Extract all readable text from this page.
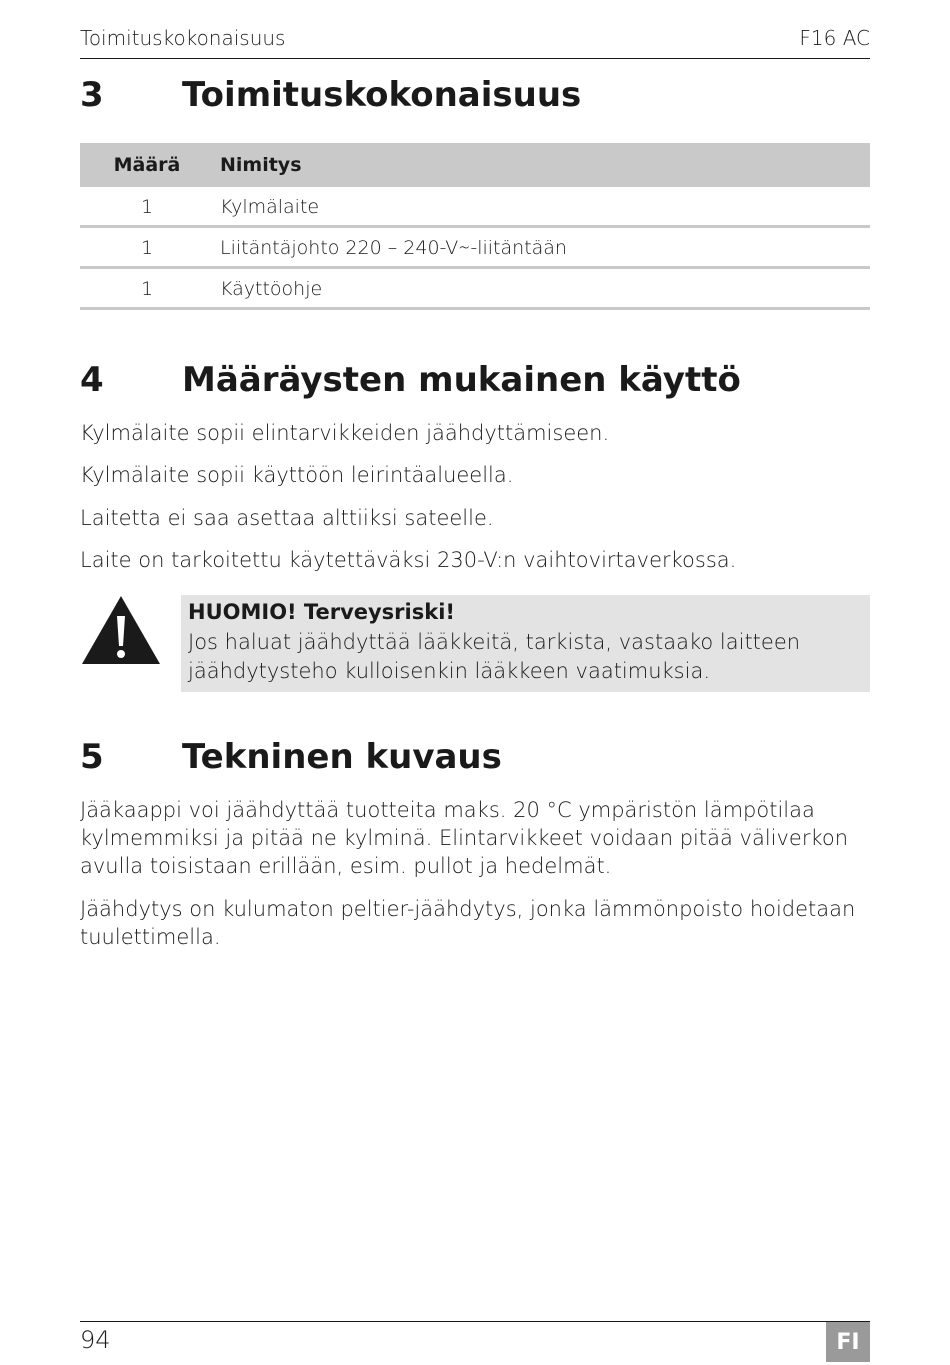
Toimituskokonaisuus	F16 AC
3 Toimituskokonaisuus
Määrä	Nimitys
1	Kylmälaite
1	Liitäntäjohto 220 – 240-V∼-liitäntään
1	Käyttöohje
4 Määräysten mukainen käyttö

Kylmälaite sopii elintarvikkeiden jäähdyttämiseen.

Kylmälaite sopii käyttöön leirintäalueella.

Laitetta ei saa asettaa alttiiksi sateelle.

Laite on tarkoitettu käytettäväksi 230-V:n vaihtovirtaverkossa.

HUOMIO! Terveysriski!
Jos haluat jäähdyttää lääkkeitä, tarkista, vastaako laitteen jäähdytysteho kulloisenkin lääkkeen vaatimuksia.
5 Tekninen kuvaus

Jääkaappi voi jäähdyttää tuotteita maks. 20 °C ympäristön lämpötilaa kylmemmiksi ja pitää ne kylminä. Elintarvikkeet voidaan pitää väliverkon avulla toisistaan erillään, esim. pullot ja hedelmät.

Jäähdytys on kulumaton peltier-jäähdytys, jonka lämmönpoisto hoidetaan tuulettimella.

94	FI
